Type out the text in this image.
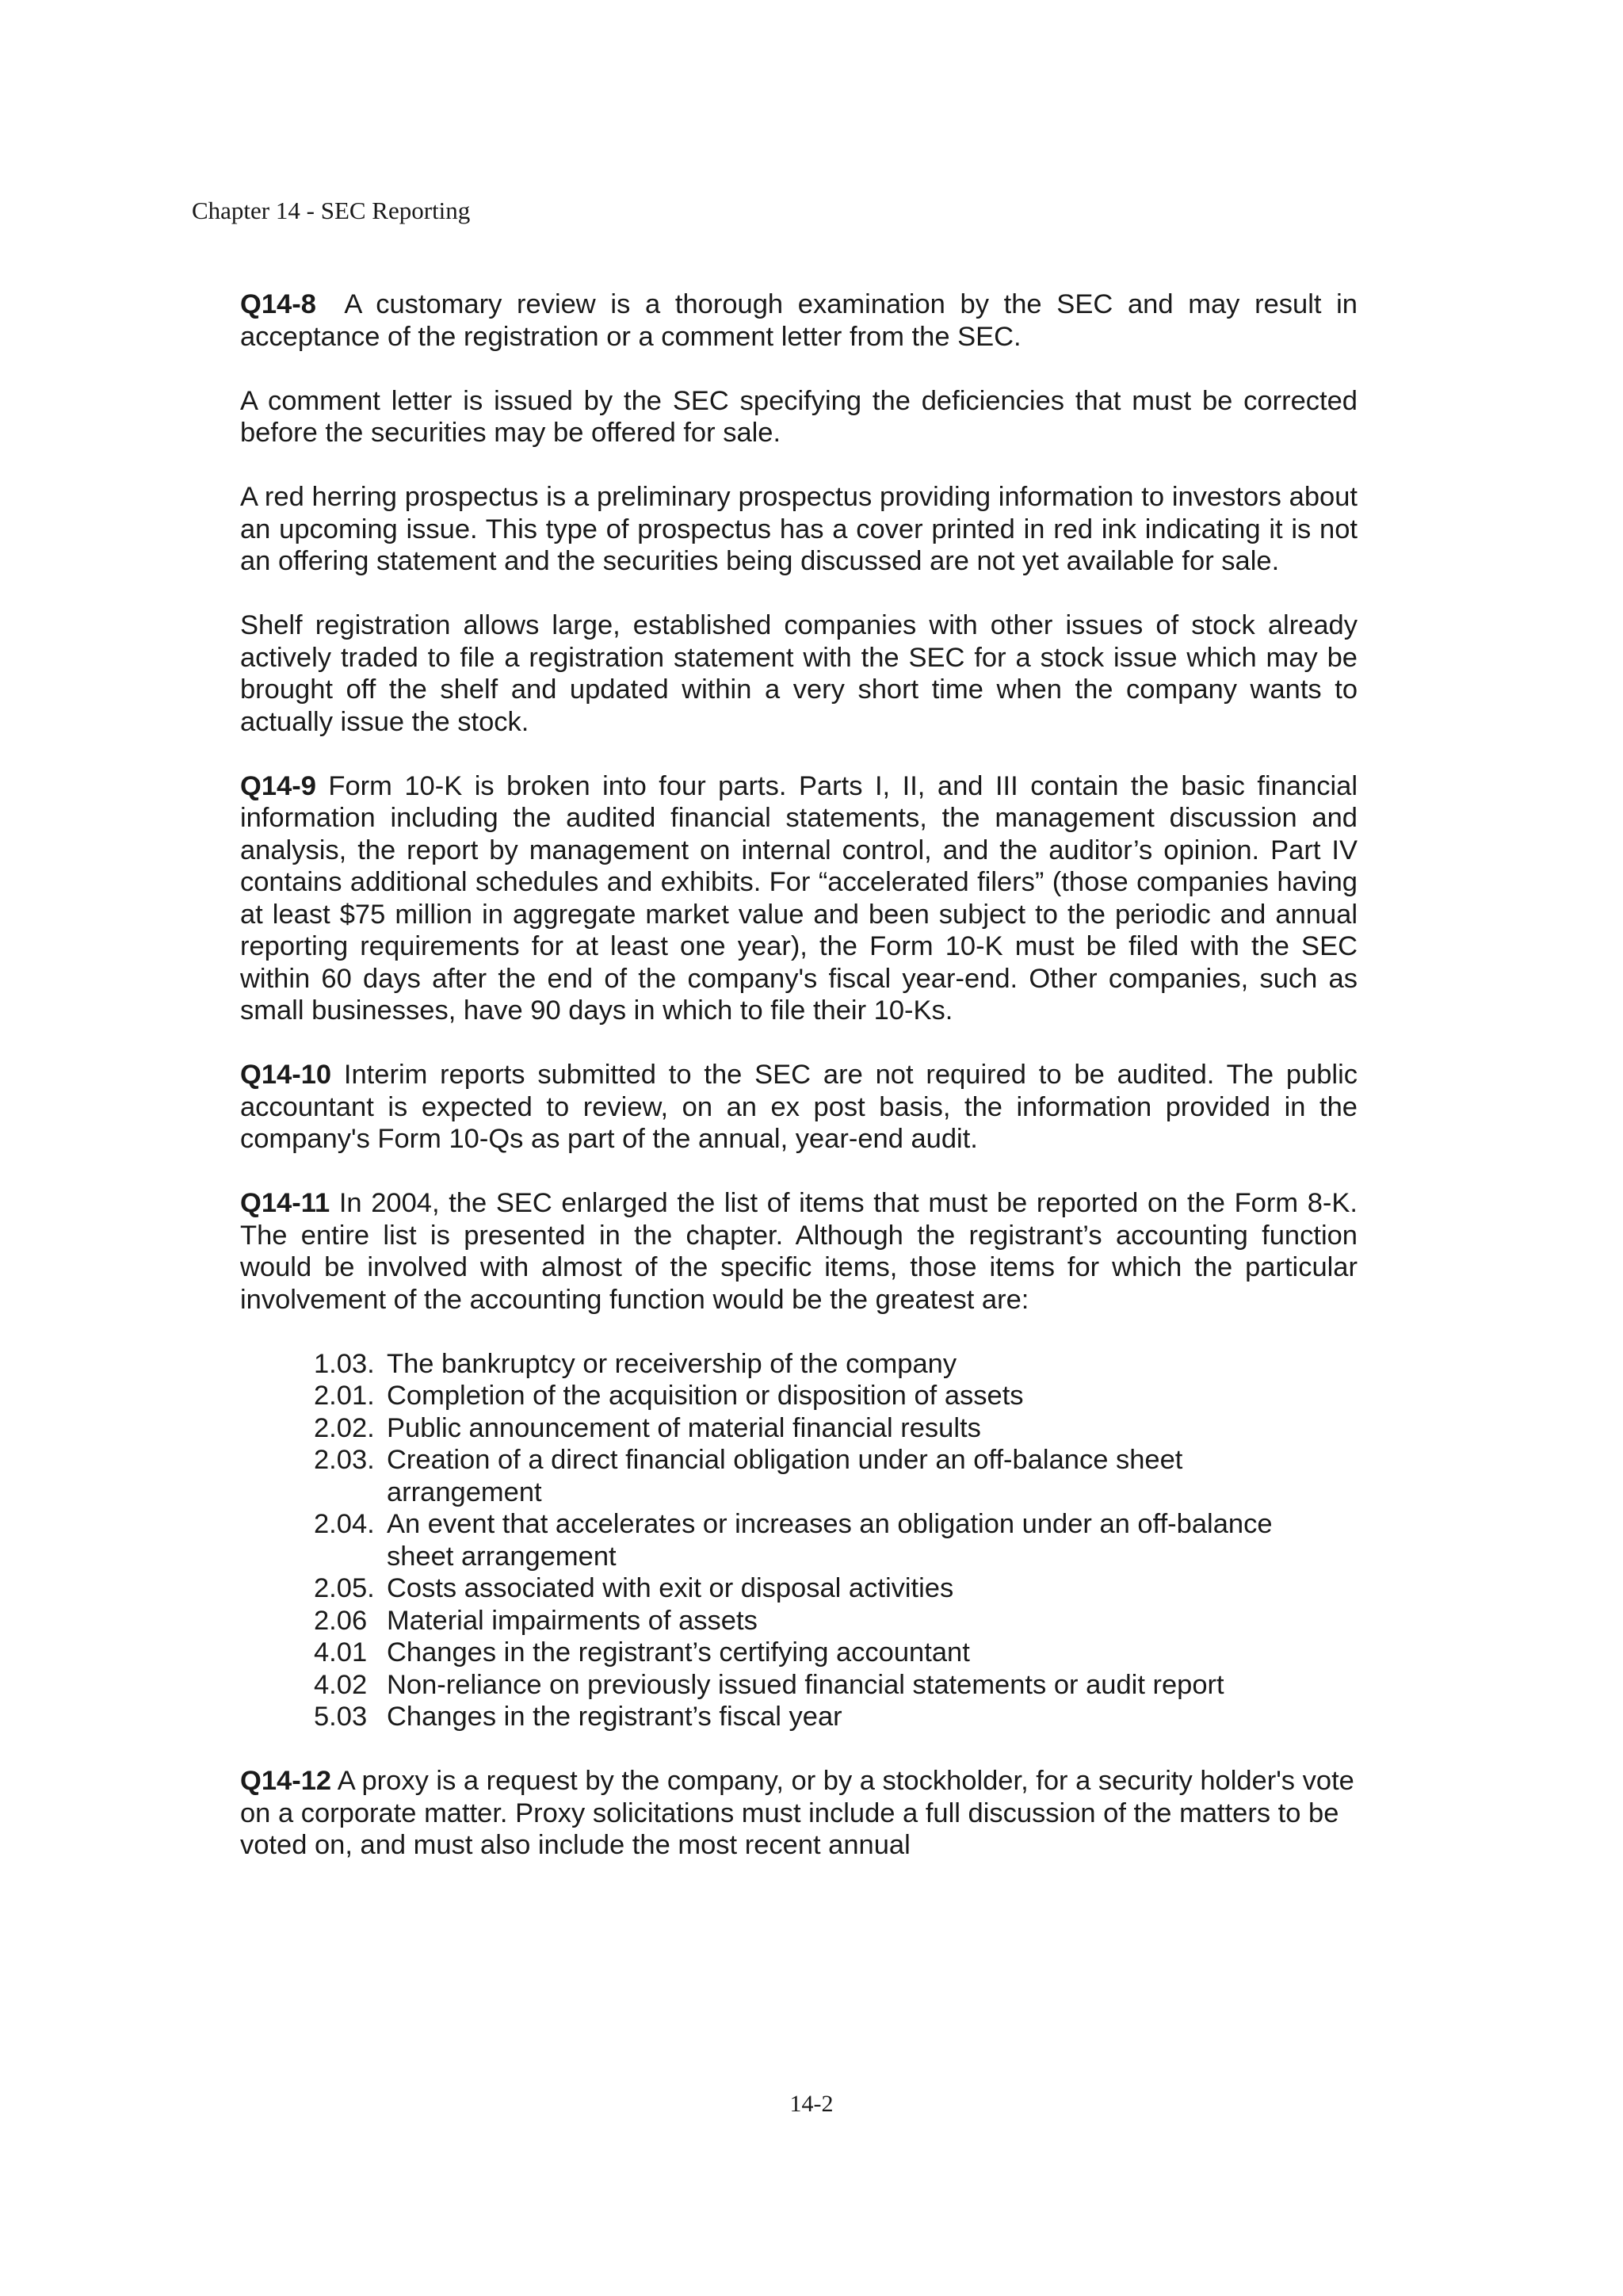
Chapter 14 - SEC Reporting

Q14-8 A customary review is a thorough examination by the SEC and may result in acceptance of the registration or a comment letter from the SEC.

A comment letter is issued by the SEC specifying the deficiencies that must be corrected before the securities may be offered for sale.

A red herring prospectus is a preliminary prospectus providing information to investors about an upcoming issue. This type of prospectus has a cover printed in red ink indicating it is not an offering statement and the securities being discussed are not yet available for sale.

Shelf registration allows large, established companies with other issues of stock already actively traded to file a registration statement with the SEC for a stock issue which may be brought off the shelf and updated within a very short time when the company wants to actually issue the stock.

Q14-9 Form 10-K is broken into four parts. Parts I, II, and III contain the basic financial information including the audited financial statements, the management discussion and analysis, the report by management on internal control, and the auditor’s opinion. Part IV contains additional schedules and exhibits. For “accelerated filers” (those companies having at least $75 million in aggregate market value and been subject to the periodic and annual reporting requirements for at least one year), the Form 10-K must be filed with the SEC within 60 days after the end of the company's fiscal year-end. Other companies, such as small businesses, have 90 days in which to file their 10-Ks.

Q14-10 Interim reports submitted to the SEC are not required to be audited. The public accountant is expected to review, on an ex post basis, the information provided in the company's Form 10-Qs as part of the annual, year-end audit.

Q14-11 In 2004, the SEC enlarged the list of items that must be reported on the Form 8-K. The entire list is presented in the chapter. Although the registrant’s accounting function would be involved with almost of the specific items, those items for which the particular involvement of the accounting function would be the greatest are:

1.03. The bankruptcy or receivership of the company
2.01. Completion of the acquisition or disposition of assets
2.02. Public announcement of material financial results
2.03. Creation of a direct financial obligation under an off-balance sheet
arrangement
2.04. An event that accelerates or increases an obligation under an off-balance
sheet arrangement
2.05. Costs associated with exit or disposal activities
2.06 Material impairments of assets
4.01 Changes in the registrant’s certifying accountant
4.02 Non-reliance on previously issued financial statements or audit report
5.03 Changes in the registrant’s fiscal year

Q14-12 A proxy is a request by the company, or by a stockholder, for a security holder's vote on a corporate matter. Proxy solicitations must include a full discussion of the matters to be voted on, and must also include the most recent annual

14-2
